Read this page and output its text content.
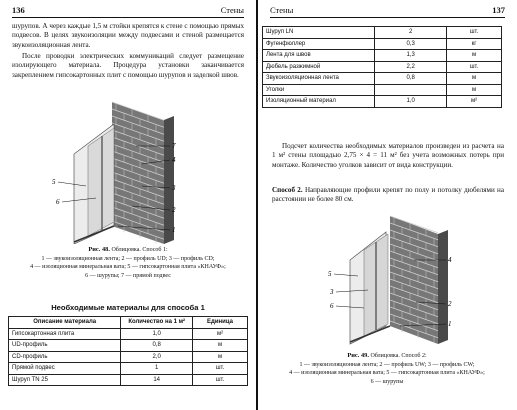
136	Стены
шурупов. А через каждые 1,5 м стойки крепятся к стене с помощью прямых подвесов. В целях звукоизоляции между подвесами и стеной размещается звукоизоляционная лента.
После проводки электрических коммуникаций следует размещение изолирующего материала. Процедура установки заканчивается закреплением гипсокартонных плит с помощью шурупов и заделкой швов.
7
5
6
4
3
2
1
Рис. 48. Облицовка. Способ 1:
1 — звукоизоляционная лента; 2 — профиль UD; 3 — профиль CD;
4 — изоляционная минеральная вата; 5 — гипсокартонная плита «КНАУФ»;
6 — шурупы; 7 — прямой подвес
Необходимые материалы для способа 1
Описание материала	Количество на 1 м²	Единица
Гипсокартонная плита	1,0	м²
UD-профиль	0,8	м
CD-профиль	2,0	м
Прямой подвес	1	шт.
Шуруп TN 25	14	шт.
Стены	137
Шуруп LN	2	шт.
Фугенфюллер	0,3	кг
Лента для швов	1,3	м
Дюбель разжимной	2,2	шт.
Звукоизоляционная лента	0,8	м
Уголки		м
Изоляционный материал	1,0	м²
Подсчет количества необходимых материалов произведен из расчета на 1 м² стены площадью 2,75 × 4 = 11 м² без учета возможных потерь при монтаже. Количество уголков зависит от вида конструкции.
Способ 2. Направляющие профили крепят по полу и потолку дюбелями на расстоянии не более 80 см.
5
3
6
4
2
1
Рис. 49. Облицовка. Способ 2:
1 — звукоизоляционная лента; 2 — профиль UW; 3 — профиль CW;
4 — изоляционная минеральная вата; 5 — гипсокартонная плита «КНАУФ»;
6 — шурупы
